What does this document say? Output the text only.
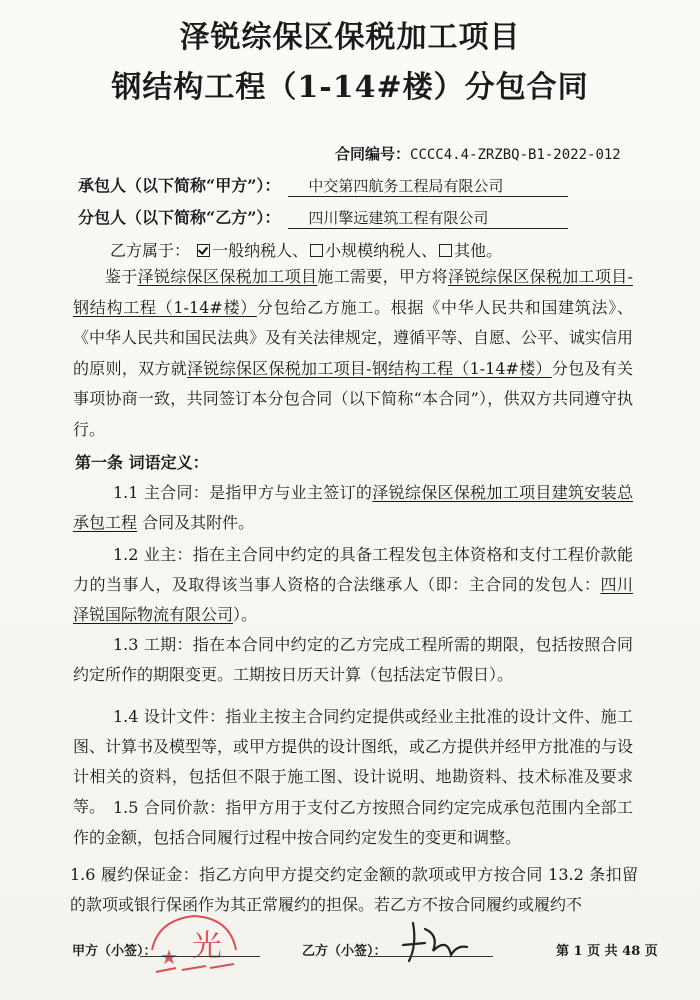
泽锐综保区保税加工项目
钢结构工程（1-14#楼）分包合同
合同编号：CCCC4.4-ZRZBQ-B1-2022-012
承包人（以下简称“甲方”）： 中交第四航务工程局有限公司
分包人（以下简称“乙方”）： 四川擎远建筑工程有限公司
乙方属于： 一般纳税人、 小规模纳税人、 其他。
鉴于泽锐综保区保税加工项目施工需要，甲方将泽锐综保区保税加工项目-钢结构工程（1-14#楼）分包给乙方施工。根据《中华人民共和国建筑法》、《中华人民共和国民法典》及有关法律规定，遵循平等、自愿、公平、诚实信用的原则，双方就泽锐综保区保税加工项目-钢结构工程（1-14#楼）分包及有关事项协商一致，共同签订本分包合同（以下简称“本合同”），供双方共同遵守执行。
第一条 词语定义：
1.1 主合同：是指甲方与业主签订的泽锐综保区保税加工项目建筑安装总承包工程 合同及其附件。
1.2 业主：指在主合同中约定的具备工程发包主体资格和支付工程价款能力的当事人，及取得该当事人资格的合法继承人（即：主合同的发包人：四川泽锐国际物流有限公司）。
1.3 工期：指在本合同中约定的乙方完成工程所需的期限，包括按照合同约定所作的期限变更。工期按日历天计算（包括法定节假日）。
1.4 设计文件：指业主按主合同约定提供或经业主批准的设计文件、施工图、计算书及模型等，或甲方提供的设计图纸，或乙方提供并经甲方批准的与设计相关的资料，包括但不限于施工图、设计说明、地勘资料、技术标准及要求等。 1.5 合同价款：指甲方用于支付乙方按照合同约定完成承包范围内全部工作的金额，包括合同履行过程中按合同约定发生的变更和调整。
1.6 履约保证金：指乙方向甲方提交约定金额的款项或甲方按合同 13.2 条扣留的款项或银行保函作为其正常履约的担保。若乙方不按合同履约或履约不
光
★
甲方（小签）：	乙方（小签）：	第 1 页 共 48 页
